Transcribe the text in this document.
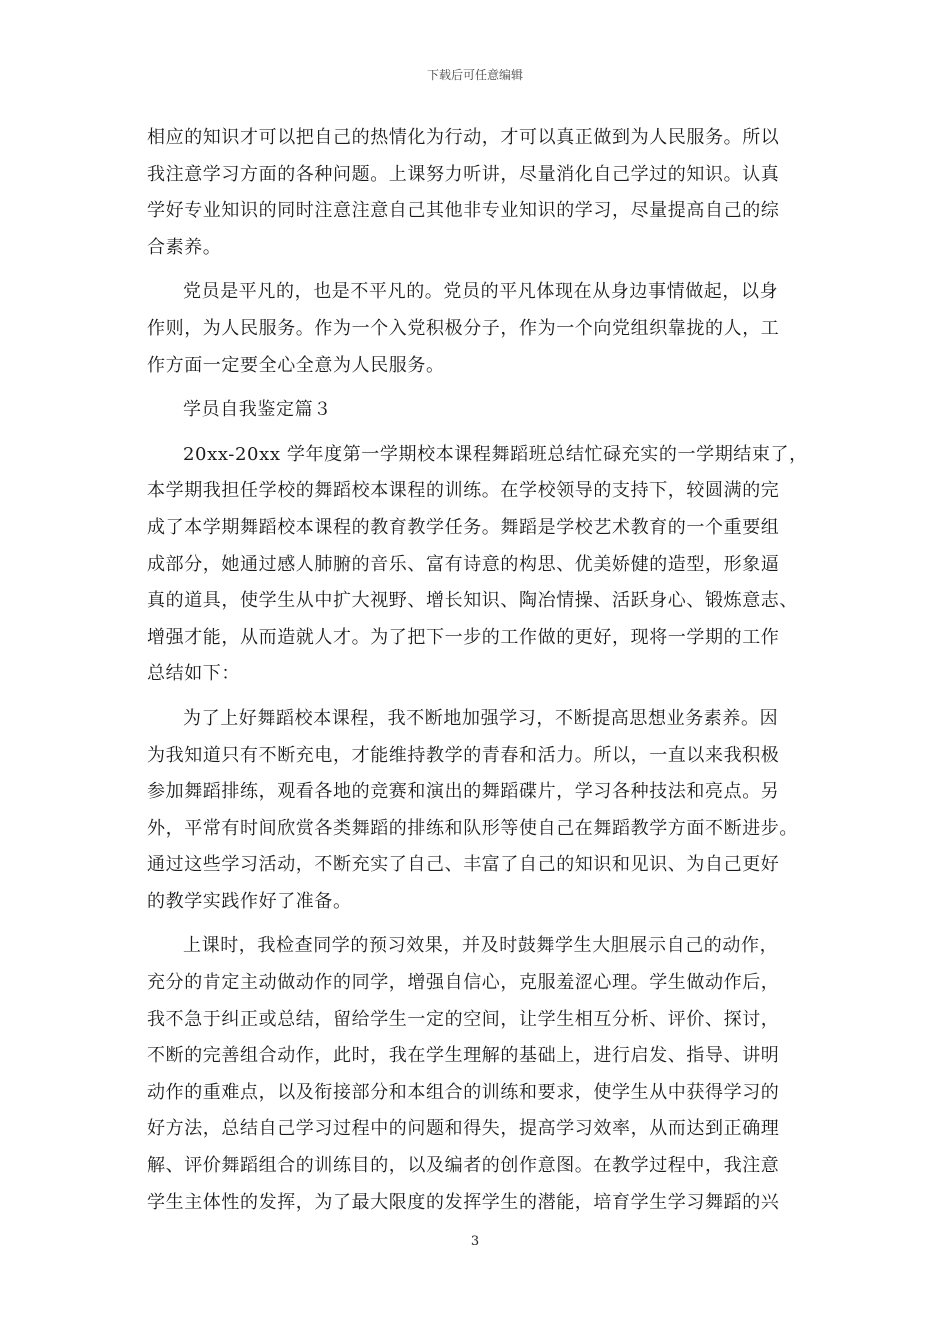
下载后可任意编辑
相应的知识才可以把自己的热情化为行动，才可以真正做到为人民服务。所以
我注意学习方面的各种问题。上课努力听讲，尽量消化自己学过的知识。认真
学好专业知识的同时注意注意自己其他非专业知识的学习，尽量提高自己的综
合素养。
党员是平凡的，也是不平凡的。党员的平凡体现在从身边事情做起，以身
作则，为人民服务。作为一个入党积极分子，作为一个向党组织靠拢的人，工
作方面一定要全心全意为人民服务。
学员自我鉴定篇３
20xx-20xx 学年度第一学期校本课程舞蹈班总结忙碌充实的一学期结束了，
本学期我担任学校的舞蹈校本课程的训练。在学校领导的支持下，较圆满的完
成了本学期舞蹈校本课程的教育教学任务。舞蹈是学校艺术教育的一个重要组
成部分，她通过感人肺腑的音乐、富有诗意的构思、优美娇健的造型，形象逼
真的道具，使学生从中扩大视野、增长知识、陶冶情操、活跃身心、锻炼意志、
增强才能，从而造就人才。为了把下一步的工作做的更好，现将一学期的工作
总结如下：
为了上好舞蹈校本课程，我不断地加强学习，不断提高思想业务素养。因
为我知道只有不断充电，才能维持教学的青春和活力。所以，一直以来我积极
参加舞蹈排练，观看各地的竞赛和演出的舞蹈碟片，学习各种技法和亮点。另
外，平常有时间欣赏各类舞蹈的排练和队形等使自己在舞蹈教学方面不断进步。
通过这些学习活动，不断充实了自己、丰富了自己的知识和见识、为自己更好
的教学实践作好了准备。
上课时，我检查同学的预习效果，并及时鼓舞学生大胆展示自己的动作，
充分的肯定主动做动作的同学，增强自信心，克服羞涩心理。学生做动作后，
我不急于纠正或总结，留给学生一定的空间，让学生相互分析、评价、探讨，
不断的完善组合动作，此时，我在学生理解的基础上，进行启发、指导、讲明
动作的重难点，以及衔接部分和本组合的训练和要求，使学生从中获得学习的
好方法，总结自己学习过程中的问题和得失，提高学习效率，从而达到正确理
解、评价舞蹈组合的训练目的，以及编者的创作意图。在教学过程中，我注意
学生主体性的发挥，为了最大限度的发挥学生的潜能，培育学生学习舞蹈的兴
3
